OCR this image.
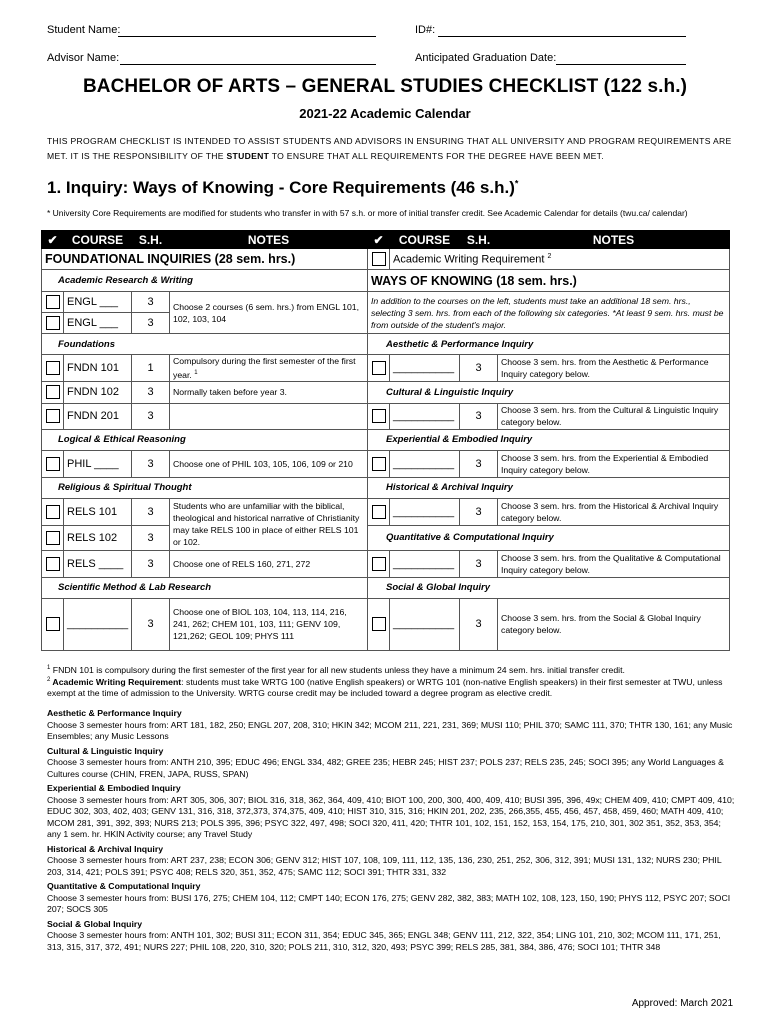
Student Name:	ID#:
Advisor Name:	Anticipated Graduation Date:
BACHELOR OF ARTS – GENERAL STUDIES CHECKLIST (122 s.h.)
2021-22 Academic Calendar
THIS PROGRAM CHECKLIST IS INTENDED TO ASSIST STUDENTS AND ADVISORS IN ENSURING THAT ALL UNIVERSITY AND PROGRAM REQUIREMENTS ARE MET. IT IS THE RESPONSIBILITY OF THE STUDENT TO ENSURE THAT ALL REQUIREMENTS FOR THE DEGREE HAVE BEEN MET.
1. Inquiry: Ways of Knowing - Core Requirements (46 s.h.)*
* University Core Requirements are modified for students who transfer in with 57 s.h. or more of initial transfer credit. See Academic Calendar for details (twu.ca/ calendar)
✔	COURSE	S.H.	NOTES	✔	COURSE	S.H.	NOTES
FOUNDATIONAL INQUIRIES (28 sem. hrs.)					Academic Writing Requirement $^2$
Academic Research & Writing				WAYS OF KNOWING (18 sem. hrs.)			
	ENGL ___	3	Choose 2 courses (6 sem. hrs.) from ENGL 101, 102, 103, 104	In addition to the courses on the left, students must take an additional 18 sem. hrs., selecting 3 sem. hrs. from each of the following six categories. *At least 9 sem. hrs. must be from outside of the student's major.			
	ENGL ___	3					
Foundations				Aesthetic & Performance Inquiry			
	FNDN 101	1	Compulsory during the first semester of the first year. $^1$		__________	3	Choose 3 sem. hrs. from the Aesthetic & Performance Inquiry category below.
	FNDN 102	3	Normally taken before year 3.	Cultural & Linguistic Inquiry			
	FNDN 201	3			__________	3	Choose 3 sem. hrs. from the Cultural & Linguistic Inquiry category below.
Logical & Ethical Reasoning				Experiential & Embodied Inquiry			
	PHIL ____	3	Choose one of PHIL 103, 105, 106, 109 or 210		__________	3	Choose 3 sem. hrs. from the Experiential & Embodied Inquiry category below.
Religious & Spiritual Thought				Historical & Archival Inquiry			
	RELS 101	3	Students who are unfamiliar with the biblical, theological and historical narrative of Christianity may take RELS 100 in place of either RELS 101 or 102.		__________	3	Choose 3 sem. hrs. from the Historical & Archival Inquiry category below.
	RELS 102	3		Quantitative & Computational Inquiry			
	RELS ____	3	Choose one of RELS 160, 271, 272		__________	3	Choose 3 sem. hrs. from the Qualitative & Computational Inquiry category below.
Scientific Method & Lab Research				Social & Global Inquiry			
	__________	3	Choose one of BIOL 103, 104, 113, 114, 216, 241, 262; CHEM 101, 103, 111; GENV 109, 121,262; GEOL 109; PHYS 111		__________	3	Choose 3 sem. hrs. from the Social & Global Inquiry category below.
$^1$ FNDN 101 is compulsory during the first semester of the first year for all new students unless they have a minimum 24 sem. hrs. initial transfer credit.
$^2$ Academic Writing Requirement: students must take WRTG 100 (native English speakers) or WRTG 101 (non-native English speakers) in their first semester at TWU, unless exempt at the time of admission to the University. WRTG course credit may be included toward a degree program as elective credit.
Aesthetic & Performance Inquiry
Choose 3 semester hours from: ART 181, 182, 250; ENGL 207, 208, 310; HKIN 342; MCOM 211, 221, 231, 369; MUSI 110; PHIL 370; SAMC 111, 370; THTR 130, 161; any Music Ensembles; any Music Lessons
Cultural & Linguistic Inquiry
Choose 3 semester hours from: ANTH 210, 395; EDUC 496; ENGL 334, 482; GREE 235; HEBR 245; HIST 237; POLS 237; RELS 235, 245; SOCI 395; any World Languages & Cultures course (CHIN, FREN, JAPA, RUSS, SPAN)
Experiential & Embodied Inquiry
Choose 3 semester hours from: ART 305, 306, 307; BIOL 316, 318, 362, 364, 409, 410; BIOT 100, 200, 300, 400, 409, 410; BUSI 395, 396, 49x; CHEM 409, 410; CMPT 409, 410; EDUC 302, 303, 402, 403; GENV 131, 316, 318, 372,373, 374,375, 409, 410; HIST 310, 315, 316; HKIN 201, 202, 235, 266,355, 455, 456, 457, 458, 459, 460; MATH 409, 410; MCOM 281, 391, 392, 393; NURS 213; POLS 395, 396; PSYC 322, 497, 498; SOCI 320, 411, 420; THTR 101, 102, 151, 152, 153, 154, 175, 210, 301, 302 351, 352, 353, 354; any 1 sem. hr. HKIN Activity course; any Travel Study
Historical & Archival Inquiry
Choose 3 semester hours from: ART 237, 238; ECON 306; GENV 312; HIST 107, 108, 109, 111, 112, 135, 136, 230, 251, 252, 306, 312, 391; MUSI 131, 132; NURS 230; PHIL 203, 314, 421; POLS 391; PSYC 408; RELS 320, 351, 352, 475; SAMC 112; SOCI 391; THTR 331, 332
Quantitative & Computational Inquiry
Choose 3 semester hours from: BUSI 176, 275; CHEM 104, 112; CMPT 140; ECON 176, 275; GENV 282, 382, 383; MATH 102, 108, 123, 150, 190; PHYS 112, PSYC 207; SOCI 207; SOCS 305
Social & Global Inquiry
Choose 3 semester hours from: ANTH 101, 302; BUSI 311; ECON 311, 354; EDUC 345, 365; ENGL 348; GENV 111, 212, 322, 354; LING 101, 210, 302; MCOM 111, 171, 251, 313, 315, 317, 372, 491; NURS 227; PHIL 108, 220, 310, 320; POLS 211, 310, 312, 320, 493; PSYC 399; RELS 285, 381, 384, 386, 476; SOCI 101; THTR 348
Approved: March 2021
